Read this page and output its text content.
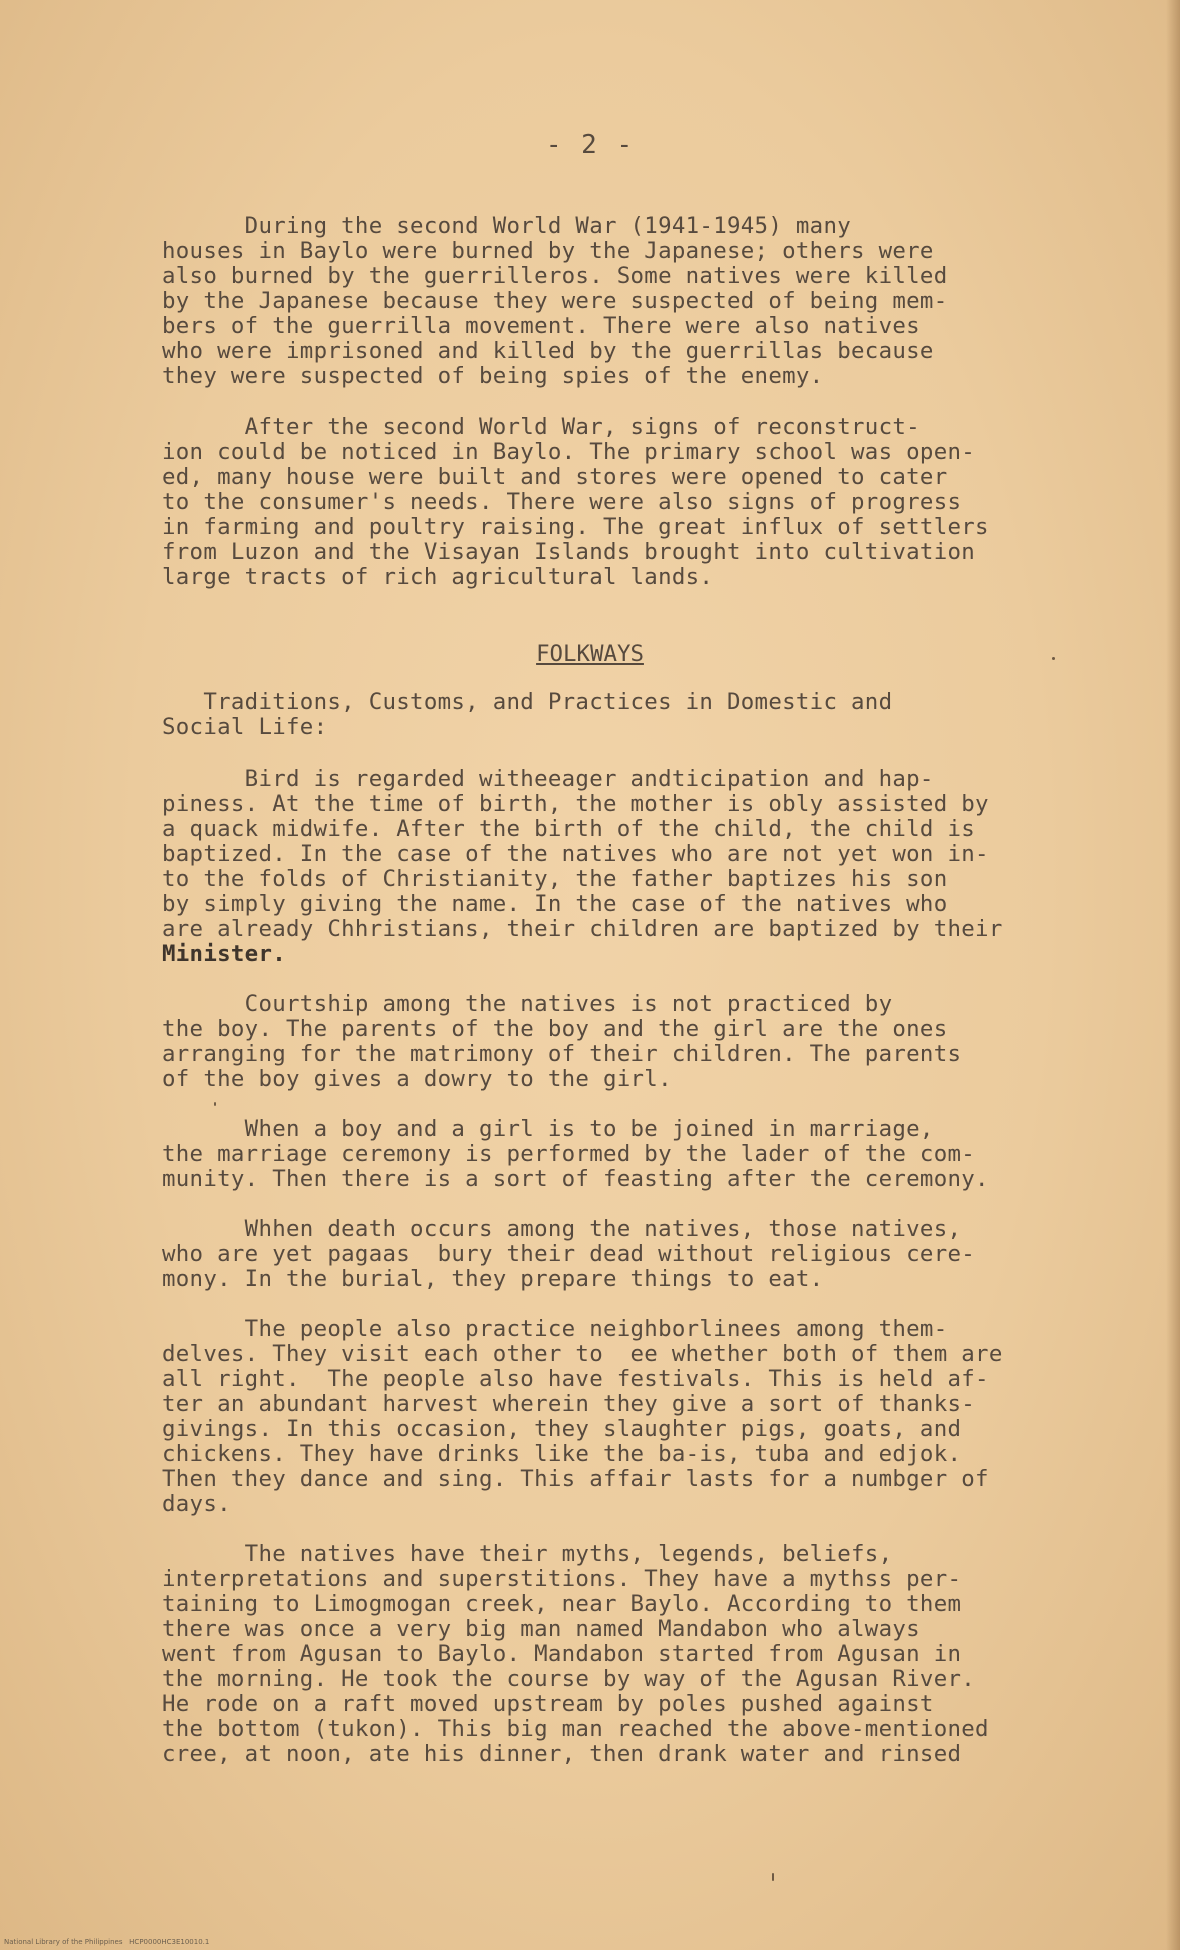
- 2 -
During the second World War (1941-1945) many
houses in Baylo were burned by the Japanese; others were
also burned by the guerrilleros. Some natives were killed
by the Japanese because they were suspected of being mem-
bers of the guerrilla movement. There were also natives
who were imprisoned and killed by the guerrillas because
they were suspected of being spies of the enemy.
After the second World War, signs of reconstruct-
ion could be noticed in Baylo. The primary school was open-
ed, many house were built and stores were opened to cater
to the consumer's needs. There were also signs of progress
in farming and poultry raising. The great influx of settlers
from Luzon and the Visayan Islands brought into cultivation
large tracts of rich agricultural lands.
FOLKWAYS
Traditions, Customs, and Practices in Domestic and
Social Life:
Bird is regarded witheeager andticipation and hap-
piness. At the time of birth, the mother is obly assisted by
a quack midwife. After the birth of the child, the child is
baptized. In the case of the natives who are not yet won in-
to the folds of Christianity, the father baptizes his son
by simply giving the name. In the case of the natives who
are already Chhristians, their children are baptized by their
Minister.
Courtship among the natives is not practiced by
the boy. The parents of the boy and the girl are the ones
arranging for the matrimony of their children. The parents
of the boy gives a dowry to the girl.
When a boy and a girl is to be joined in marriage,
the marriage ceremony is performed by the lader of the com-
munity. Then there is a sort of feasting after the ceremony.
Whhen death occurs among the natives, those natives,
who are yet pagaas  bury their dead without religious cere-
mony. In the burial, they prepare things to eat.
The people also practice neighborlinees among them-
delves. They visit each other to  ee whether both of them are
all right.  The people also have festivals. This is held af-
ter an abundant harvest wherein they give a sort of thanks-
givings. In this occasion, they slaughter pigs, goats, and
chickens. They have drinks like the ba-is, tuba and edjok.
Then they dance and sing. This affair lasts for a numbger of
days.
The natives have their myths, legends, beliefs,
interpretations and superstitions. They have a mythss per-
taining to Limogmogan creek, near Baylo. According to them
there was once a very big man named Mandabon who always
went from Agusan to Baylo. Mandabon started from Agusan in
the morning. He took the course by way of the Agusan River.
He rode on a raft moved upstream by poles pushed against
the bottom (tukon). This big man reached the above-mentioned
cree, at noon, ate his dinner, then drank water and rinsed
National Library of the Philippines   HCP0000HC3E10010.1
